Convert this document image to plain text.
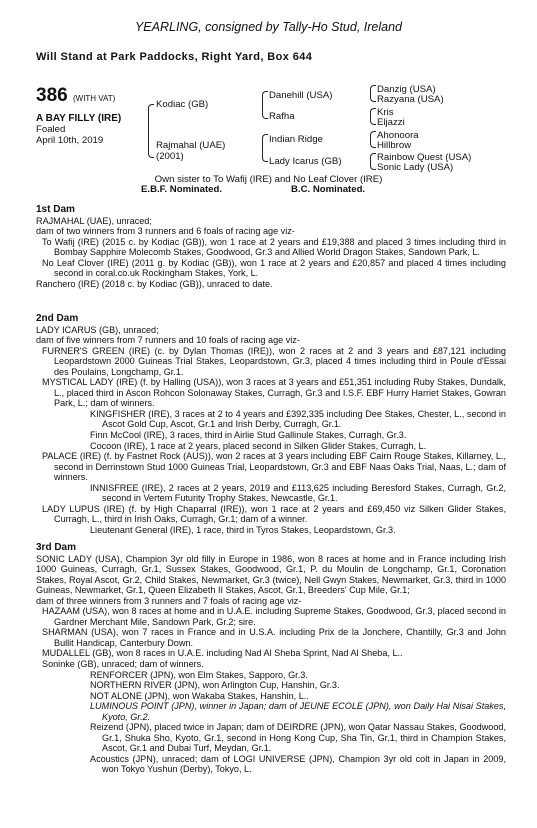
YEARLING, consigned by Tally-Ho Stud, Ireland
Will Stand at Park Paddocks, Right Yard, Box 644
386 (WITH VAT)
A BAY FILLY (IRE)
Foaled
April 10th, 2019
Kodiac (GB)
Rajmahal (UAE)
(2001)
Danehill (USA)
Rafha
Indian Ridge
Lady Icarus (GB)
Danzig (USA)
Razyana (USA)
Kris
Eljazzi
Ahonoora
Hillbrow
Rainbow Quest (USA)
Sonic Lady (USA)
Own sister to To Wafij (IRE) and No Leaf Clover (IRE)
E.B.F. Nominated.	B.C. Nominated.

1st Dam

RAJMAHAL (UAE), unraced;

dam of two winners from 3 runners and 6 foals of racing age viz-

To Wafij (IRE) (2015 c. by Kodiac (GB)), won 1 race at 2 years and £19,388 and placed 3 times including third in Bombay Sapphire Molecomb Stakes, Goodwood, Gr.3 and Allied World Dragon Stakes, Sandown Park, L.

No Leaf Clover (IRE) (2011 g. by Kodiac (GB)), won 1 race at 2 years and £20,857 and placed 4 times including second in coral.co.uk Rockingham Stakes, York, L.

Ranchero (IRE) (2018 c. by Kodiac (GB)), unraced to date.

2nd Dam

LADY ICARUS (GB), unraced;

dam of five winners from 7 runners and 10 foals of racing age viz-

FURNER'S GREEN (IRE) (c. by Dylan Thomas (IRE)), won 2 races at 2 and 3 years and £87,121 including Leopardstown 2000 Guineas Trial Stakes, Leopardstown, Gr.3, placed 4 times including third in Poule d'Essai des Poulains, Longchamp, Gr.1.

MYSTICAL LADY (IRE) (f. by Halling (USA)), won 3 races at 3 years and £51,351 including Ruby Stakes, Dundalk, L., placed third in Ascon Rohcon Solonaway Stakes, Curragh, Gr.3 and I.S.F. EBF Hurry Harriet Stakes, Gowran Park, L.; dam of winners.

KINGFISHER (IRE), 3 races at 2 to 4 years and £392,335 including Dee Stakes, Chester, L., second in Ascot Gold Cup, Ascot, Gr.1 and Irish Derby, Curragh, Gr.1.

Finn McCool (IRE), 3 races, third in Airlie Stud Gallinule Stakes, Curragh, Gr.3.

Cocoon (IRE), 1 race at 2 years, placed second in Silken Glider Stakes, Curragh, L.

PALACE (IRE) (f. by Fastnet Rock (AUS)), won 2 races at 3 years including EBF Cairn Rouge Stakes, Killarney, L., second in Derrinstown Stud 1000 Guineas Trial, Leopardstown, Gr.3 and EBF Naas Oaks Trial, Naas, L.; dam of winners.

INNISFREE (IRE), 2 races at 2 years, 2019 and £113,625 including Beresford Stakes, Curragh, Gr.2, second in Vertem Futurity Trophy Stakes, Newcastle, Gr.1.

LADY LUPUS (IRE) (f. by High Chaparral (IRE)), won 1 race at 2 years and £69,450 viz Silken Glider Stakes, Curragh, L., third in Irish Oaks, Curragh, Gr.1; dam of a winner.

Lieutenant General (IRE), 1 race, third in Tyros Stakes, Leopardstown, Gr.3.

3rd Dam

SONIC LADY (USA), Champion 3yr old filly in Europe in 1986, won 8 races at home and in France including Irish 1000 Guineas, Curragh, Gr.1, Sussex Stakes, Goodwood, Gr.1, P. du Moulin de Longchamp, Gr.1, Coronation Stakes, Royal Ascot, Gr.2, Child Stakes, Newmarket, Gr.3 (twice), Nell Gwyn Stakes, Newmarket, Gr.3, third in 1000 Guineas, Newmarket, Gr.1, Queen Elizabeth II Stakes, Ascot, Gr.1, Breeders' Cup Mile, Gr.1;

dam of three winners from 3 runners and 7 foals of racing age viz-

HAZAAM (USA), won 8 races at home and in U.A.E. including Supreme Stakes, Goodwood, Gr.3, placed second in Gardner Merchant Mile, Sandown Park, Gr.2; sire.

SHARMAN (USA), won 7 races in France and in U.S.A. including Prix de la Jonchere, Chantilly, Gr.3 and John Bullit Handicap, Canterbury Down.

MUDALLEL (GB), won 8 races in U.A.E. including Nad Al Sheba Sprint, Nad Al Sheba, L..

Soninke (GB), unraced; dam of winners.

RENFORCER (JPN), won Elm Stakes, Sapporo, Gr.3.

NORTHERN RIVER (JPN), won Arlington Cup, Hanshin, Gr.3.

NOT ALONE (JPN), won Wakaba Stakes, Hanshin, L..

LUMINOUS POINT (JPN), winner in Japan; dam of JEUNE ECOLE (JPN), won Daily Hai Nisai Stakes, Kyoto, Gr.2.

Reizend (JPN), placed twice in Japan; dam of DEIRDRE (JPN), won Qatar Nassau Stakes, Goodwood, Gr.1, Shuka Sho, Kyoto, Gr.1, second in Hong Kong Cup, Sha Tin, Gr.1, third in Champion Stakes, Ascot, Gr.1 and Dubai Turf, Meydan, Gr.1.

Acoustics (JPN), unraced; dam of LOGI UNIVERSE (JPN), Champion 3yr old colt in Japan in 2009, won Tokyo Yushun (Derby), Tokyo, L.
